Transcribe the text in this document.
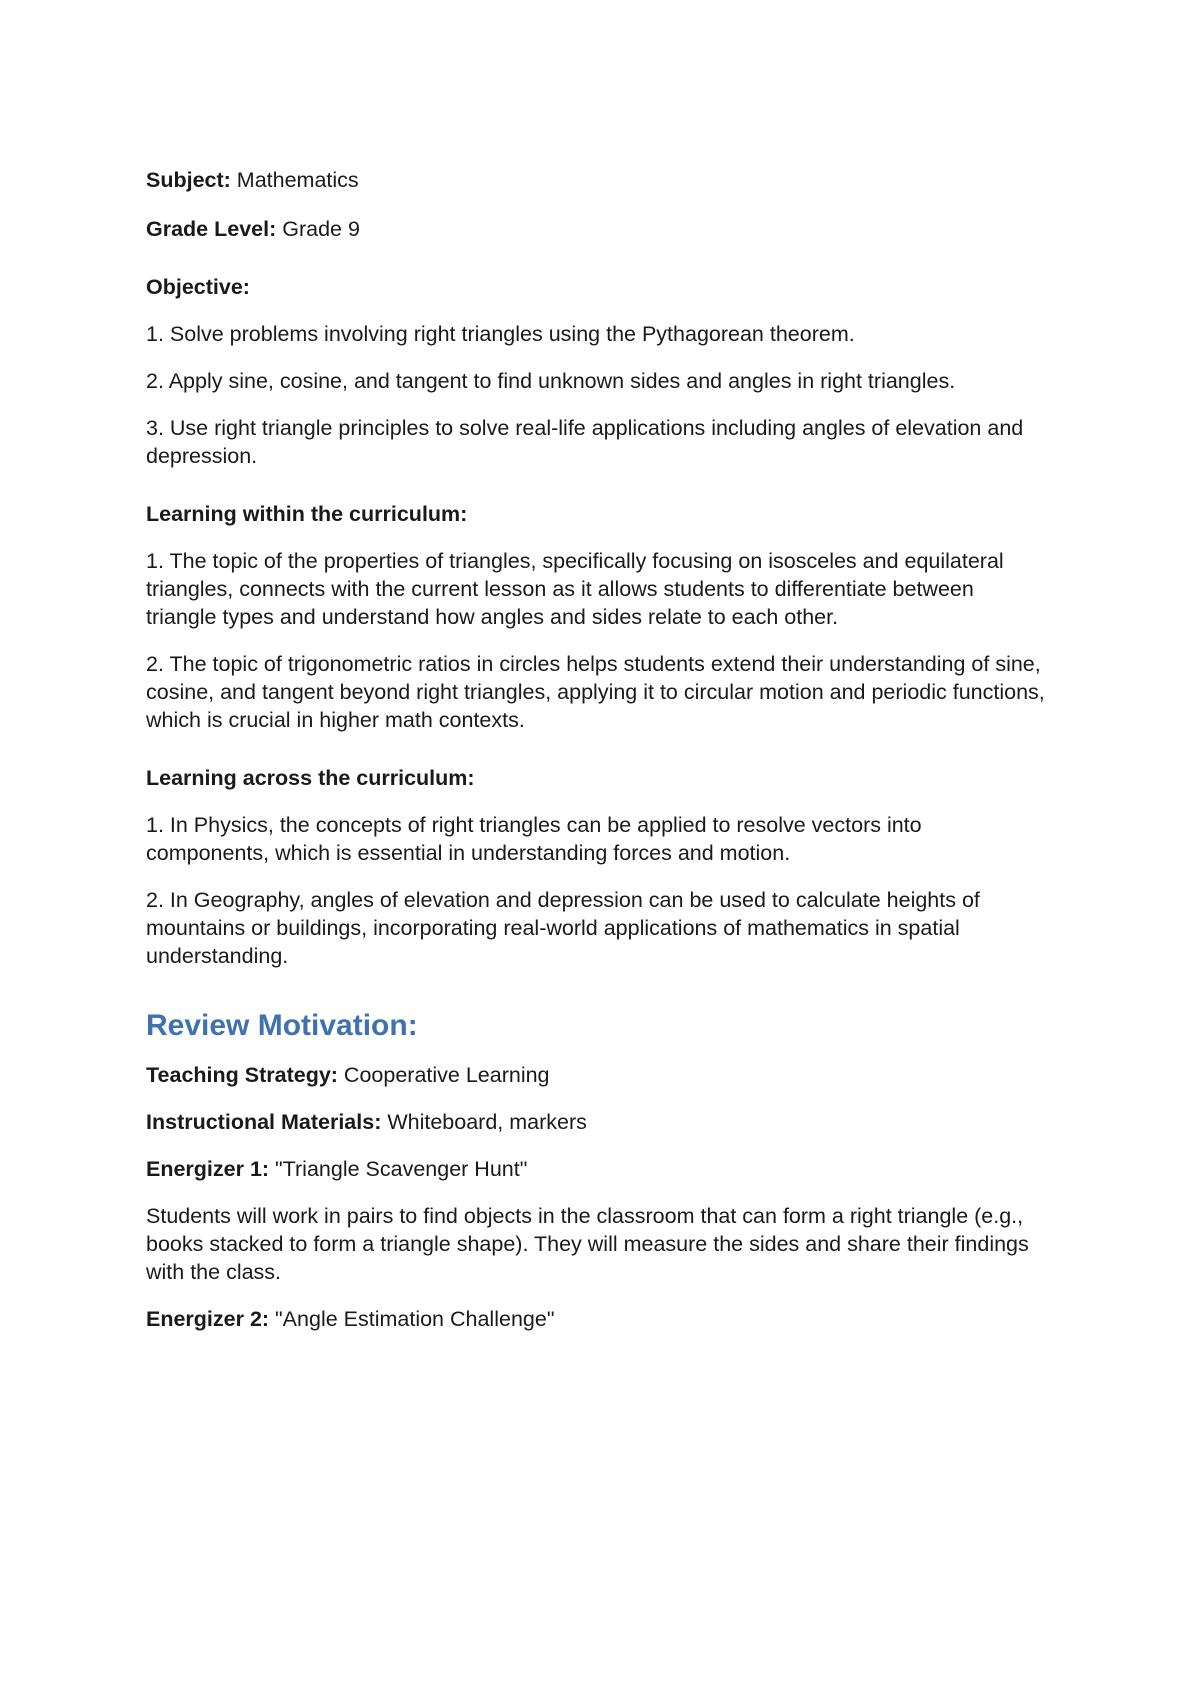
Subject: Mathematics

Grade Level: Grade 9

Objective:

1. Solve problems involving right triangles using the Pythagorean theorem.

2. Apply sine, cosine, and tangent to find unknown sides and angles in right triangles.

3. Use right triangle principles to solve real-life applications including angles of elevation and depression.

Learning within the curriculum:

1. The topic of the properties of triangles, specifically focusing on isosceles and equilateral triangles, connects with the current lesson as it allows students to differentiate between triangle types and understand how angles and sides relate to each other.

2. The topic of trigonometric ratios in circles helps students extend their understanding of sine, cosine, and tangent beyond right triangles, applying it to circular motion and periodic functions, which is crucial in higher math contexts.

Learning across the curriculum:

1. In Physics, the concepts of right triangles can be applied to resolve vectors into components, which is essential in understanding forces and motion.

2. In Geography, angles of elevation and depression can be used to calculate heights of mountains or buildings, incorporating real-world applications of mathematics in spatial understanding.

Review Motivation:

Teaching Strategy: Cooperative Learning

Instructional Materials: Whiteboard, markers

Energizer 1: "Triangle Scavenger Hunt"

Students will work in pairs to find objects in the classroom that can form a right triangle (e.g., books stacked to form a triangle shape). They will measure the sides and share their findings with the class.

Energizer 2: "Angle Estimation Challenge"
